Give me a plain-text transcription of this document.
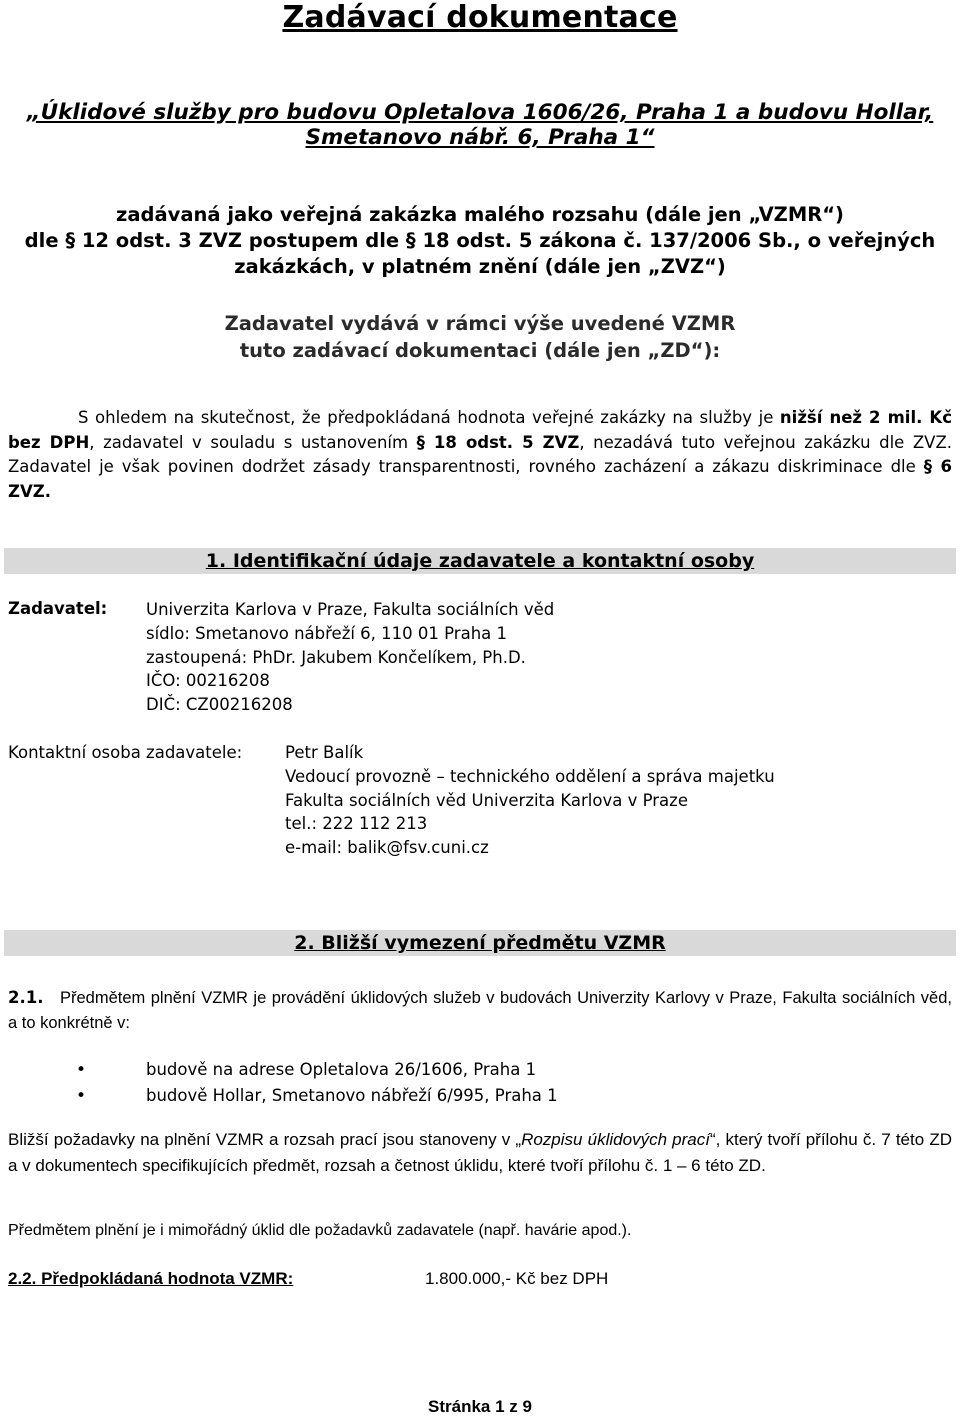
Zadávací dokumentace
„Úklidové služby pro budovu Opletalova 1606/26, Praha 1 a budovu Hollar,
Smetanovo nábř. 6, Praha 1“
zadávaná jako veřejná zakázka malého rozsahu (dále jen „VZMR“)
dle § 12 odst. 3 ZVZ postupem dle § 18 odst. 5 zákona č. 137/2006 Sb., o veřejných
zakázkách, v platném znění (dále jen „ZVZ“)
Zadavatel vydává v rámci výše uvedené VZMR
tuto zadávací dokumentaci (dále jen „ZD“):
S ohledem na skutečnost, že předpokládaná hodnota veřejné zakázky na služby je nižší než 2 mil. Kč bez DPH, zadavatel v souladu s ustanovením § 18 odst. 5 ZVZ, nezadává tuto veřejnou zakázku dle ZVZ. Zadavatel je však povinen dodržet zásady transparentnosti, rovného zacházení a zákazu diskriminace dle § 6 ZVZ.
1. Identifikační údaje zadavatele a kontaktní osoby
Zadavatel: Univerzita Karlova v Praze, Fakulta sociálních věd
sídlo: Smetanovo nábřeží 6, 110 01 Praha 1
zastoupená: PhDr. Jakubem Končelíkem, Ph.D.
IČO: 00216208
DIČ: CZ00216208
Kontaktní osoba zadavatele:	Petr Balík
Vedoucí provozně – technického oddělení a správa majetku
Fakulta sociálních věd Univerzita Karlova v Praze
tel.: 222 112 213
e-mail: balik@fsv.cuni.cz
2. Bližší vymezení předmětu VZMR
2.1. Předmětem plnění VZMR je provádění úklidových služeb v budovách Univerzity Karlovy v Praze, Fakulta sociálních věd, a to konkrétně v:
•	budově na adrese Opletalova 26/1606, Praha 1
•	budově Hollar, Smetanovo nábřeží 6/995, Praha 1
Bližší požadavky na plnění VZMR a rozsah prací jsou stanoveny v „Rozpisu úklidových prací“, který tvoří přílohu č. 7 této ZD a v dokumentech specifikujících předmět, rozsah a četnost úklidu, které tvoří přílohu č. 1 – 6 této ZD.
Předmětem plnění je i mimořádný úklid dle požadavků zadavatele (např. havárie apod.).
2.2. Předpokládaná hodnota VZMR:	1.800.000,- Kč bez DPH
Stránka 1 z 9
